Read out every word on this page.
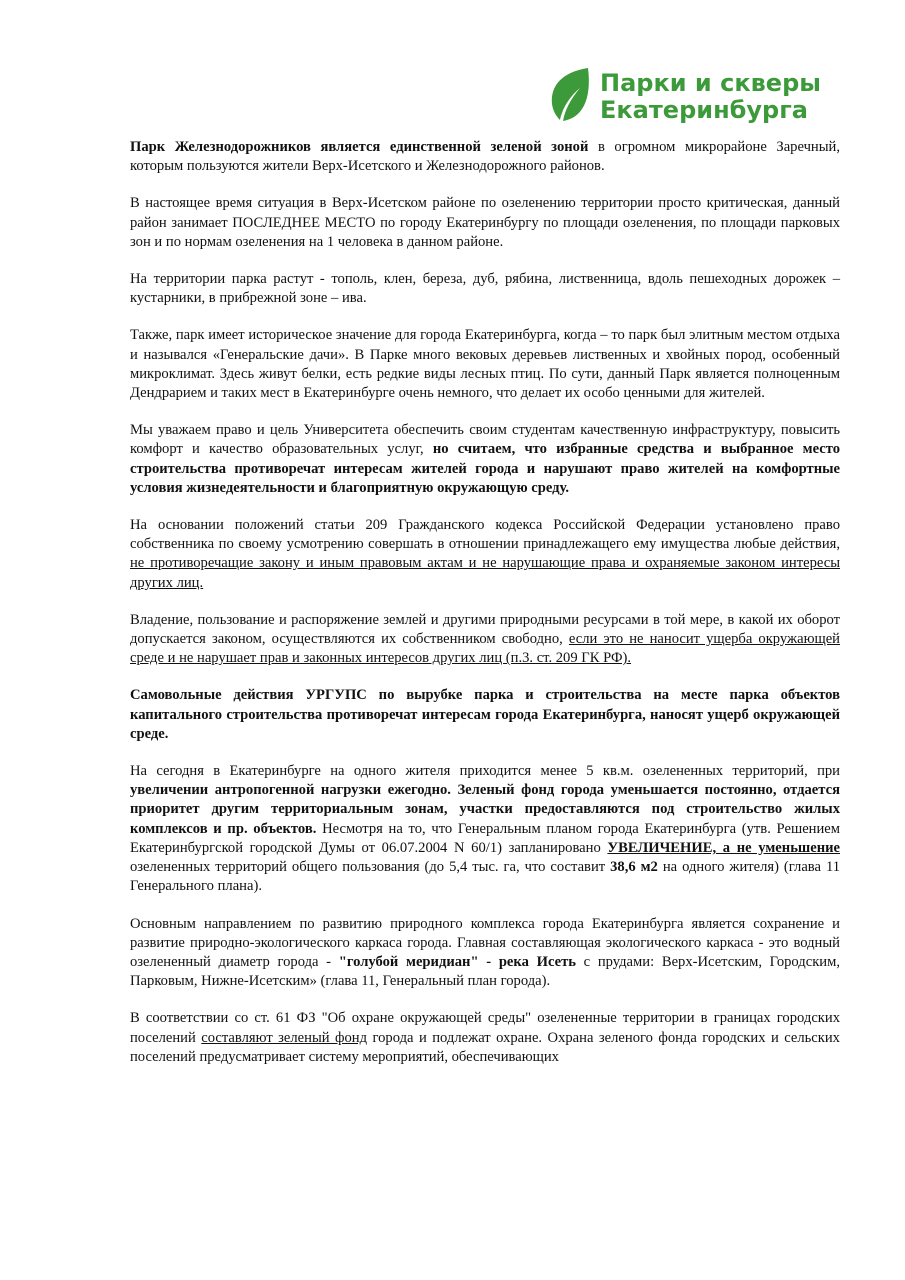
Парки и скверы
Екатеринбурга

Парк Железнодорожников является единственной зеленой зоной в огромном микрорайоне Заречный, которым пользуются жители Верх-Исетского и Железнодорожного районов.

В настоящее время ситуация в Верх-Исетском районе по озеленению территории просто критическая, данный район занимает ПОСЛЕДНЕЕ МЕСТО по городу Екатеринбургу по площади озеленения, по площади парковых зон и по нормам озеленения на 1 человека в данном районе.

На территории парка растут - тополь, клен, береза, дуб, рябина, лиственница, вдоль пешеходных дорожек – кустарники, в прибрежной зоне – ива.

Также, парк имеет историческое значение для города Екатеринбурга, когда – то парк был элитным местом отдыха и назывался «Генеральские дачи». В Парке много вековых деревьев лиственных и хвойных пород, особенный микроклимат. Здесь живут белки, есть редкие виды лесных птиц. По сути, данный Парк является полноценным Дендрарием и таких мест в Екатеринбурге очень немного, что делает их особо ценными для жителей.

Мы уважаем право и цель Университета обеспечить своим студентам качественную инфраструктуру, повысить комфорт и качество образовательных услуг, но считаем, что избранные средства и выбранное место строительства противоречат интересам жителей города и нарушают право жителей на комфортные условия жизнедеятельности и благоприятную окружающую среду.

На основании положений статьи 209 Гражданского кодекса Российской Федерации установлено право собственника по своему усмотрению совершать в отношении принадлежащего ему имущества любые действия, не противоречащие закону и иным правовым актам и не нарушающие права и охраняемые законом интересы других лиц.

Владение, пользование и распоряжение землей и другими природными ресурсами в той мере, в какой их оборот допускается законом, осуществляются их собственником свободно, если это не наносит ущерба окружающей среде и не нарушает прав и законных интересов других лиц (п.3. ст. 209 ГК РФ).

Самовольные действия УРГУПС по вырубке парка и строительства на месте парка объектов капитального строительства противоречат интересам города Екатеринбурга, наносят ущерб окружающей среде.

На сегодня в Екатеринбурге на одного жителя приходится менее 5 кв.м. озелененных территорий, при увеличении антропогенной нагрузки ежегодно. Зеленый фонд города уменьшается постоянно, отдается приоритет другим территориальным зонам, участки предоставляются под строительство жилых комплексов и пр. объектов. Несмотря на то, что Генеральным планом города Екатеринбурга (утв. Решением Екатеринбургской городской Думы от 06.07.2004 N 60/1) запланировано УВЕЛИЧЕНИЕ, а не уменьшение озелененных территорий общего пользования (до 5,4 тыс. га, что составит 38,6 м2 на одного жителя) (глава 11 Генерального плана).

Основным направлением по развитию природного комплекса города Екатеринбурга является сохранение и развитие природно-экологического каркаса города. Главная составляющая экологического каркаса - это водный озелененный диаметр города - "голубой меридиан" - река Исеть с прудами: Верх-Исетским, Городским, Парковым, Нижне-Исетским» (глава 11, Генеральный план города).

В соответствии со ст. 61 ФЗ "Об охране окружающей среды" озелененные территории в границах городских поселений составляют зеленый фонд города и подлежат охране. Охрана зеленого фонда городских и сельских поселений предусматривает систему мероприятий, обеспечивающих
